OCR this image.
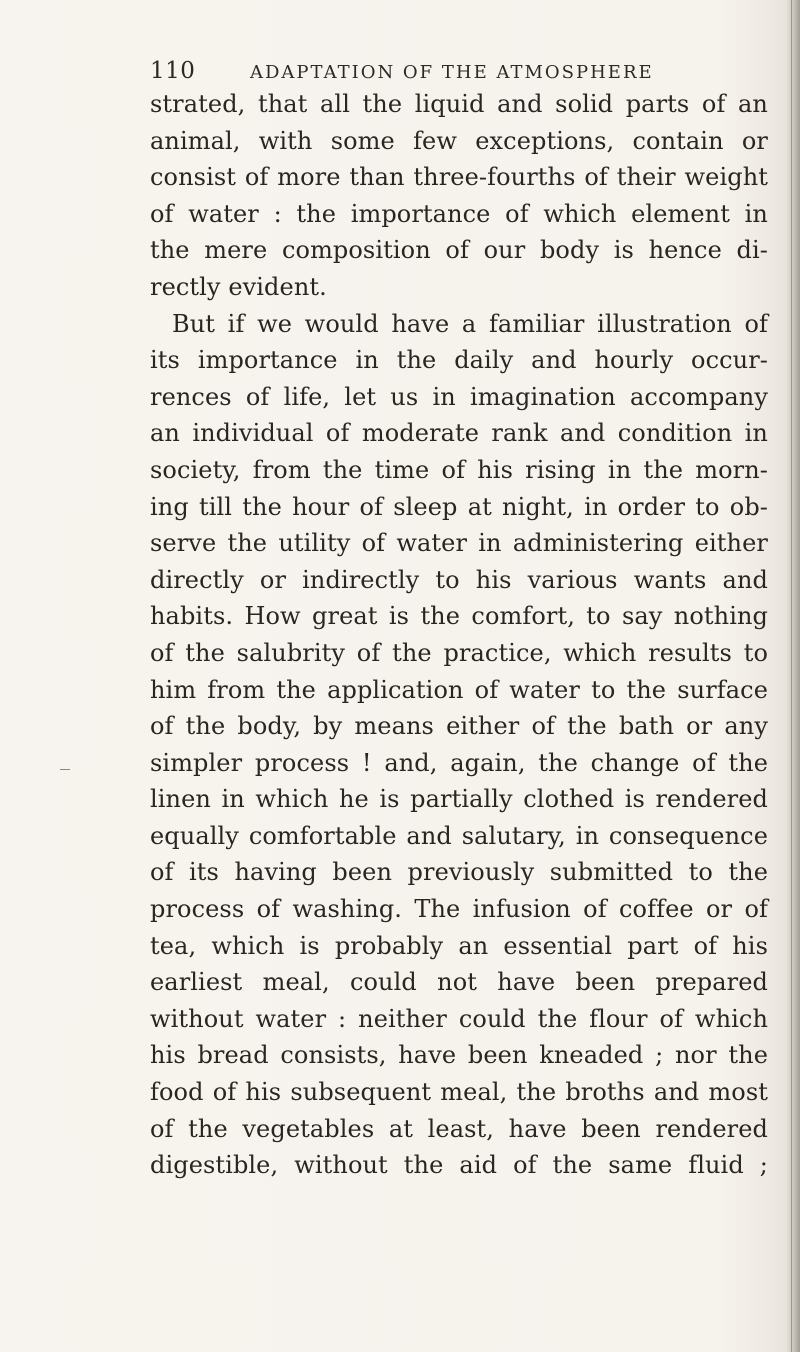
110	ADAPTATION OF THE ATMOSPHERE
strated, that all the liquid and solid parts of an
animal, with some few exceptions, contain or
consist of more than three-fourths of their weight
of water : the importance of which element in
the mere composition of our body is hence di-
rectly evident.
But if we would have a familiar illustration of
its importance in the daily and hourly occur-
rences of life, let us in imagination accompany
an individual of moderate rank and condition in
society, from the time of his rising in the morn-
ing till the hour of sleep at night, in order to ob-
serve the utility of water in administering either
directly or indirectly to his various wants and
habits. How great is the comfort, to say nothing
of the salubrity of the practice, which results to
him from the application of water to the surface
of the body, by means either of the bath or any
simpler process ! and, again, the change of the
linen in which he is partially clothed is rendered
equally comfortable and salutary, in consequence
of its having been previously submitted to the
process of washing. The infusion of coffee or of
tea, which is probably an essential part of his
earliest meal, could not have been prepared
without water : neither could the flour of which
his bread consists, have been kneaded ; nor the
food of his subsequent meal, the broths and most
of the vegetables at least, have been rendered
digestible, without the aid of the same fluid ;
